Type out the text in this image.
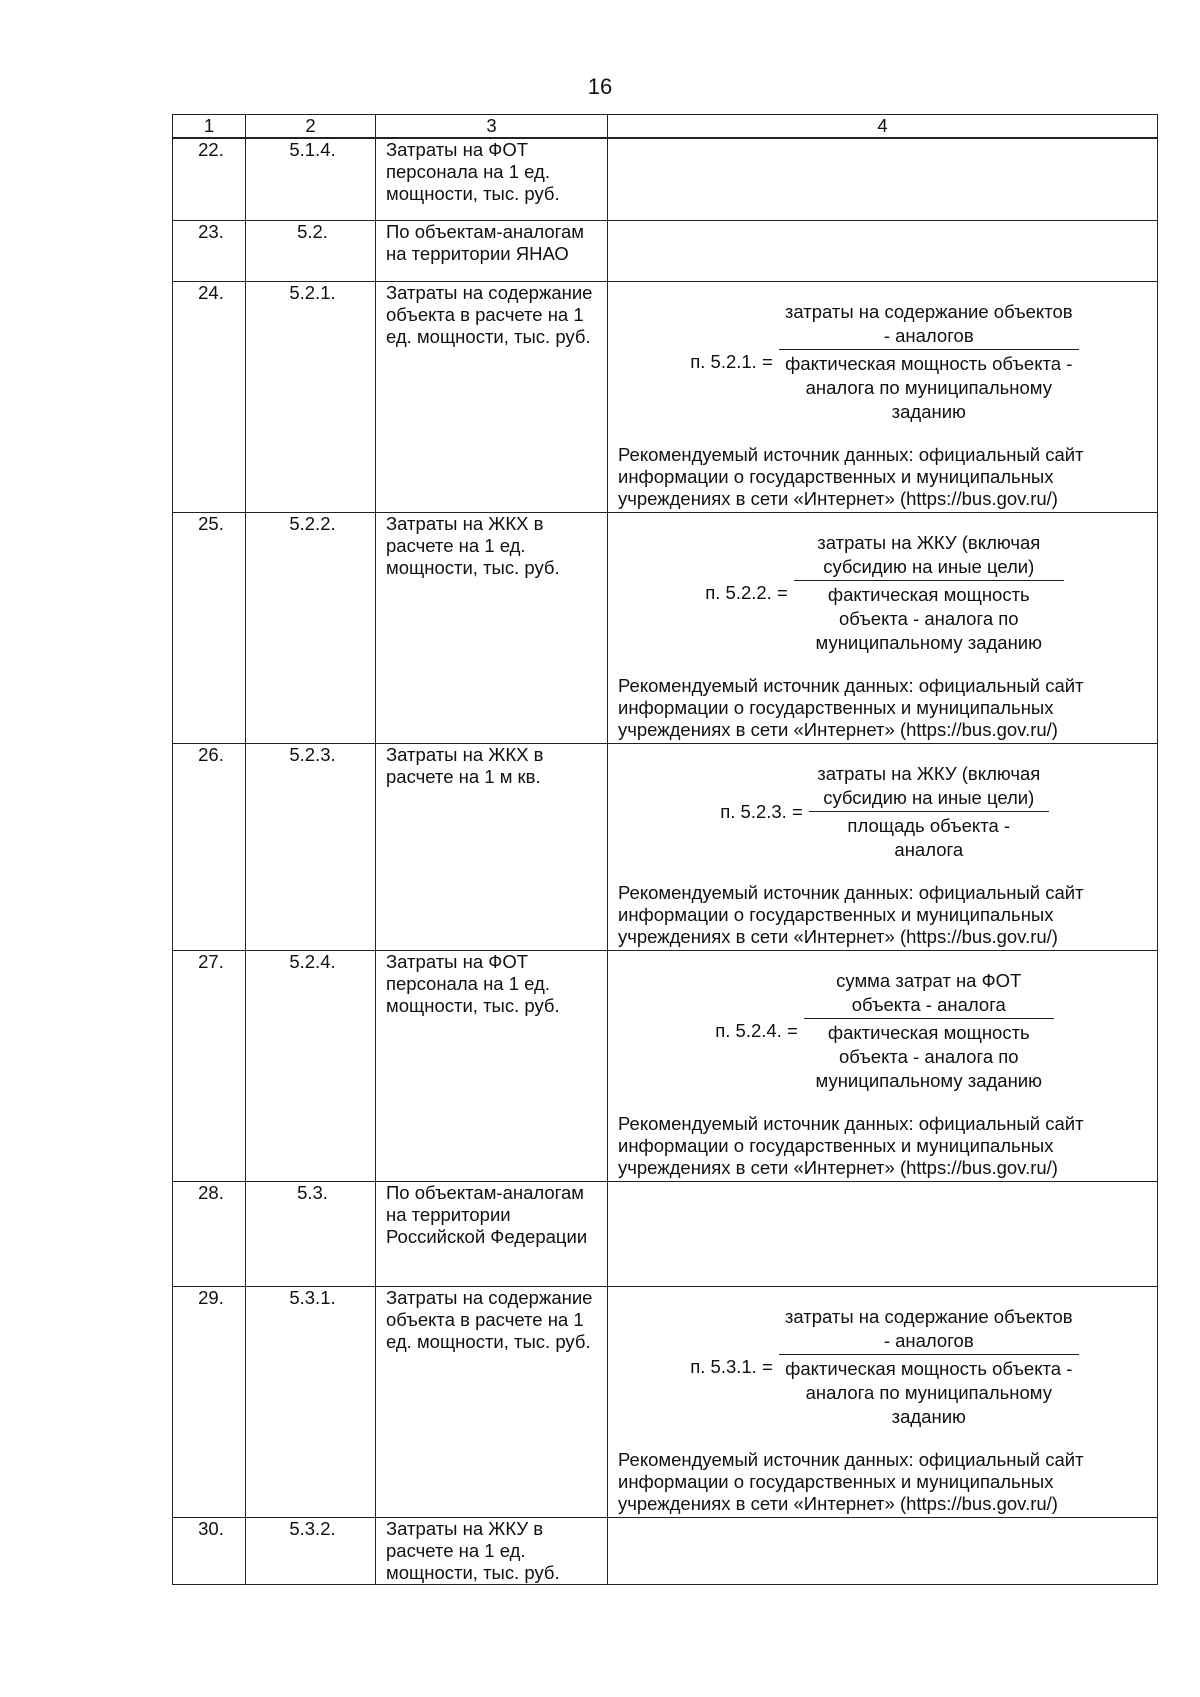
16
1	2	3	4
22.	5.1.4.	Затраты на ФОТ персонала на 1 ед. мощности, тыс. руб.	
23.	5.2.	По объектам-аналогам на территории ЯНАО	
24.	5.2.1.	Затраты на содержание объекта в расчете на 1 ед. мощности, тыс. руб.	п. 5.2.1. =
затраты на содержание объектов - аналогов
фактическая мощность объекта - аналога по муниципальному заданию
Рекомендуемый источник данных: официальный сайт информации о государственных и муниципальных учреждениях в сети «Интернет» (https://bus.gov.ru/)

25.	5.2.2.	Затраты на ЖКХ в расчете на 1 ед. мощности, тыс. руб.	п. 5.2.2. =
затраты на ЖКУ (включая субсидию на иные цели)
фактическая мощность объекта - аналога по муниципальному заданию
Рекомендуемый источник данных: официальный сайт информации о государственных и муниципальных учреждениях в сети «Интернет» (https://bus.gov.ru/)

26.	5.2.3.	Затраты на ЖКХ в расчете на 1 м кв.	п. 5.2.3. = $\frac{\text{затраты на ЖКУ (включая субсидию на иные цели)}}{\text{площадь объекта - аналога}}$
Рекомендуемый источник данных: официальный сайт информации о государственных и муниципальных учреждениях в сети «Интернет» (https://bus.gov.ru/)

27.	5.2.4.	Затраты на ФОТ персонала на 1 ед. мощности, тыс. руб.	п. 5.2.4. =
сумма затрат на ФОТ объекта - аналога
фактическая мощность объекта - аналога по муниципальному заданию
Рекомендуемый источник данных: официальный сайт информации о государственных и муниципальных учреждениях в сети «Интернет» (https://bus.gov.ru/)

28.	5.3.	По объектам-аналогам на территории Российской Федерации	
29.	5.3.1.	Затраты на содержание объекта в расчете на 1 ед. мощности, тыс. руб.	п. 5.3.1. =
затраты на содержание объектов - аналогов
фактическая мощность объекта - аналога по муниципальному заданию
Рекомендуемый источник данных: официальный сайт информации о государственных и муниципальных учреждениях в сети «Интернет» (https://bus.gov.ru/)

30.	5.3.2.	Затраты на ЖКУ в расчете на 1 ед. мощности, тыс. руб.	
